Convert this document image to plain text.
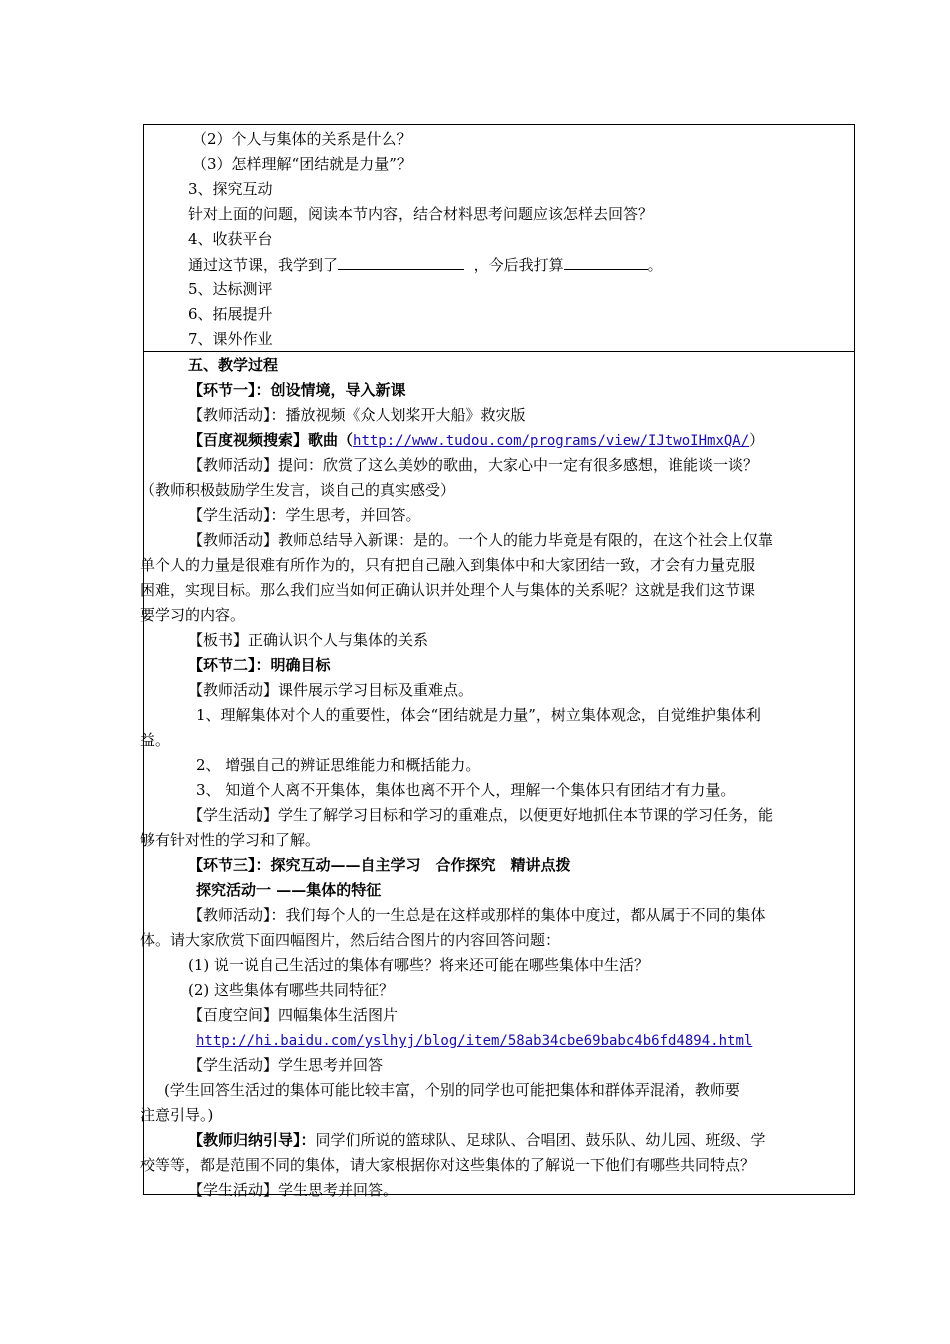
（2）个人与集体的关系是什么？
（3）怎样理解“团结就是力量”？
3、探究互动
针对上面的问题，阅读本节内容，结合材料思考问题应该怎样去回答？
4、收获平台
通过这节课，我学到了	，今后我打算	。
5、达标测评
6、拓展提升
7、课外作业
五、教学过程
【环节一】：创设情境，导入新课
【教师活动】：播放视频《众人划桨开大船》救灾版
【百度视频搜索】歌曲（http://www.tudou.com/programs/view/IJtwoIHmxQA/）
【教师活动】提问：欣赏了这么美妙的歌曲，大家心中一定有很多感想，谁能谈一谈？
（教师积极鼓励学生发言，谈自己的真实感受）
【学生活动】：学生思考，并回答。
【教师活动】教师总结导入新课：是的。一个人的能力毕竟是有限的，在这个社会上仅靠
单个人的力量是很难有所作为的，只有把自己融入到集体中和大家团结一致，才会有力量克服
困难，实现目标。那么我们应当如何正确认识并处理个人与集体的关系呢？这就是我们这节课
要学习的内容。
【板书】正确认识个人与集体的关系
【环节二】：明确目标
【教师活动】课件展示学习目标及重难点。
1、理解集体对个人的重要性，体会“团结就是力量”，树立集体观念，自觉维护集体利
益。
2、 增强自己的辨证思维能力和概括能力。
3、 知道个人离不开集体，集体也离不开个人，理解一个集体只有团结才有力量。
【学生活动】学生了解学习目标和学习的重难点，以便更好地抓住本节课的学习任务，能
够有针对性的学习和了解。
【环节三】：探究互动——自主学习　合作探究　精讲点拨
探究活动一 ——集体的特征
【教师活动】：我们每个人的一生总是在这样或那样的集体中度过，都从属于不同的集体
体。请大家欣赏下面四幅图片，然后结合图片的内容回答问题：
(1) 说一说自己生活过的集体有哪些？将来还可能在哪些集体中生活？
(2) 这些集体有哪些共同特征？
【百度空间】四幅集体生活图片
http://hi.baidu.com/yslhyj/blog/item/58ab34cbe69babc4b6fd4894.html
【学生活动】学生思考并回答
(学生回答生活过的集体可能比较丰富，个别的同学也可能把集体和群体弄混淆，教师要
注意引导。)
【教师归纳引导】：同学们所说的篮球队、足球队、合唱团、鼓乐队、幼儿园、班级、学
校等等，都是范围不同的集体，请大家根据你对这些集体的了解说一下他们有哪些共同特点？
【学生活动】学生思考并回答。
